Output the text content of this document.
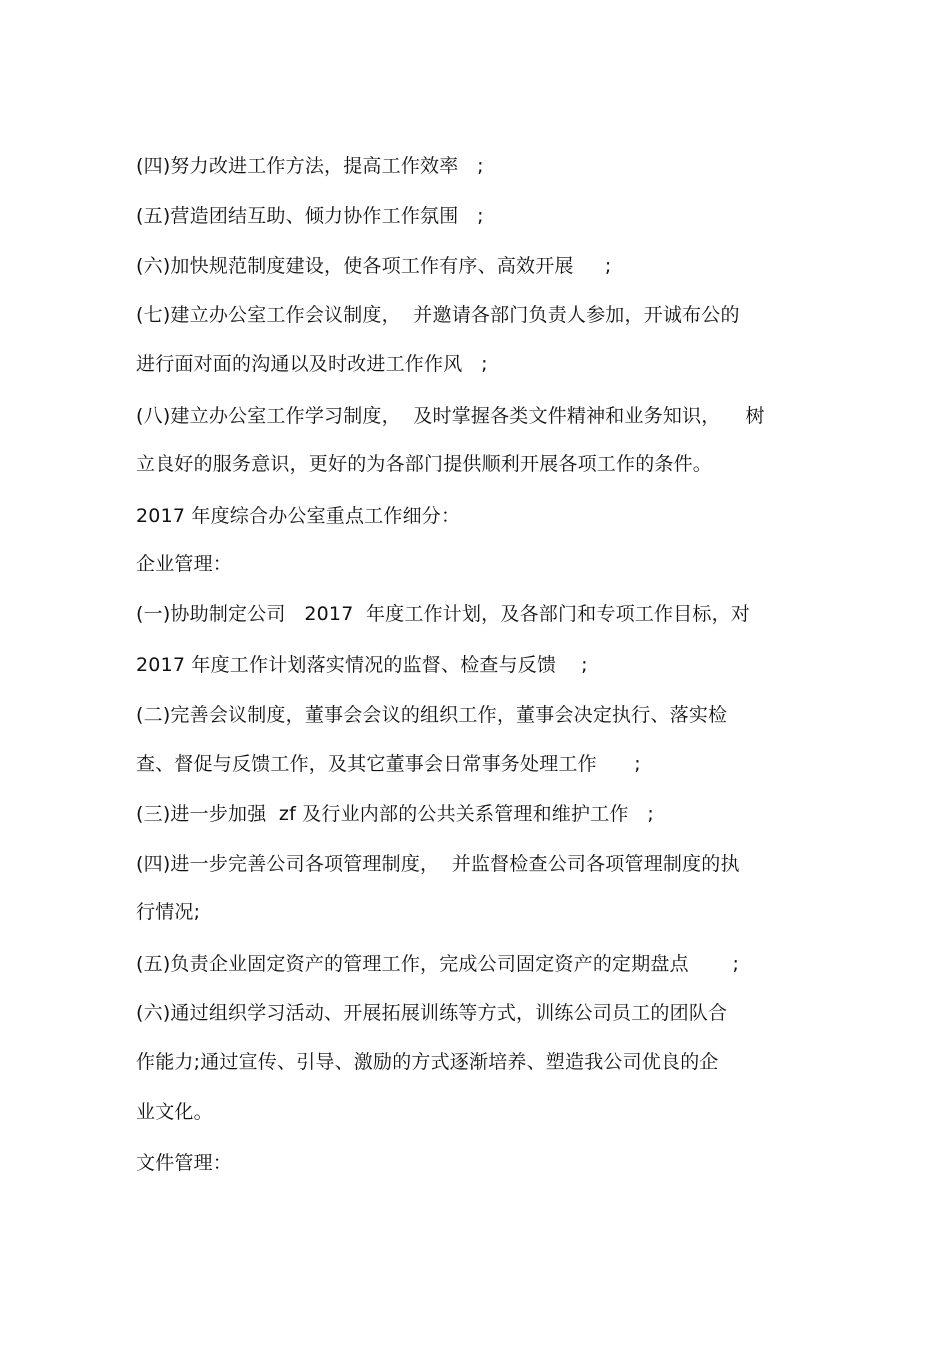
(四)努力改进工作方法，提高工作效率   ;
(五)营造团结互助、倾力协作工作氛围   ;
(六)加快规范制度建设，使各项工作有序、高效开展     ;
(七)建立办公室工作会议制度，  并邀请各部门负责人参加，开诚布公的
进行面对面的沟通以及时改进工作作风   ;
(八)建立办公室工作学习制度，  及时掌握各类文件精神和业务知识，    树
立良好的服务意识，更好的为各部门提供顺利开展各项工作的条件。
2017 年度综合办公室重点工作细分：
企业管理：
(一)协助制定公司   2017  年度工作计划，及各部门和专项工作目标，对
2017 年度工作计划落实情况的监督、检查与反馈    ;
(二)完善会议制度，董事会会议的组织工作，董事会决定执行、落实检
查、督促与反馈工作，及其它董事会日常事务处理工作      ;
(三)进一步加强  zf 及行业内部的公共关系管理和维护工作   ;
(四)进一步完善公司各项管理制度，  并监督检查公司各项管理制度的执
行情况;
(五)负责企业固定资产的管理工作，完成公司固定资产的定期盘点       ;
(六)通过组织学习活动、开展拓展训练等方式，训练公司员工的团队合
作能力;通过宣传、引导、激励的方式逐渐培养、塑造我公司优良的企
业文化。
文件管理：
